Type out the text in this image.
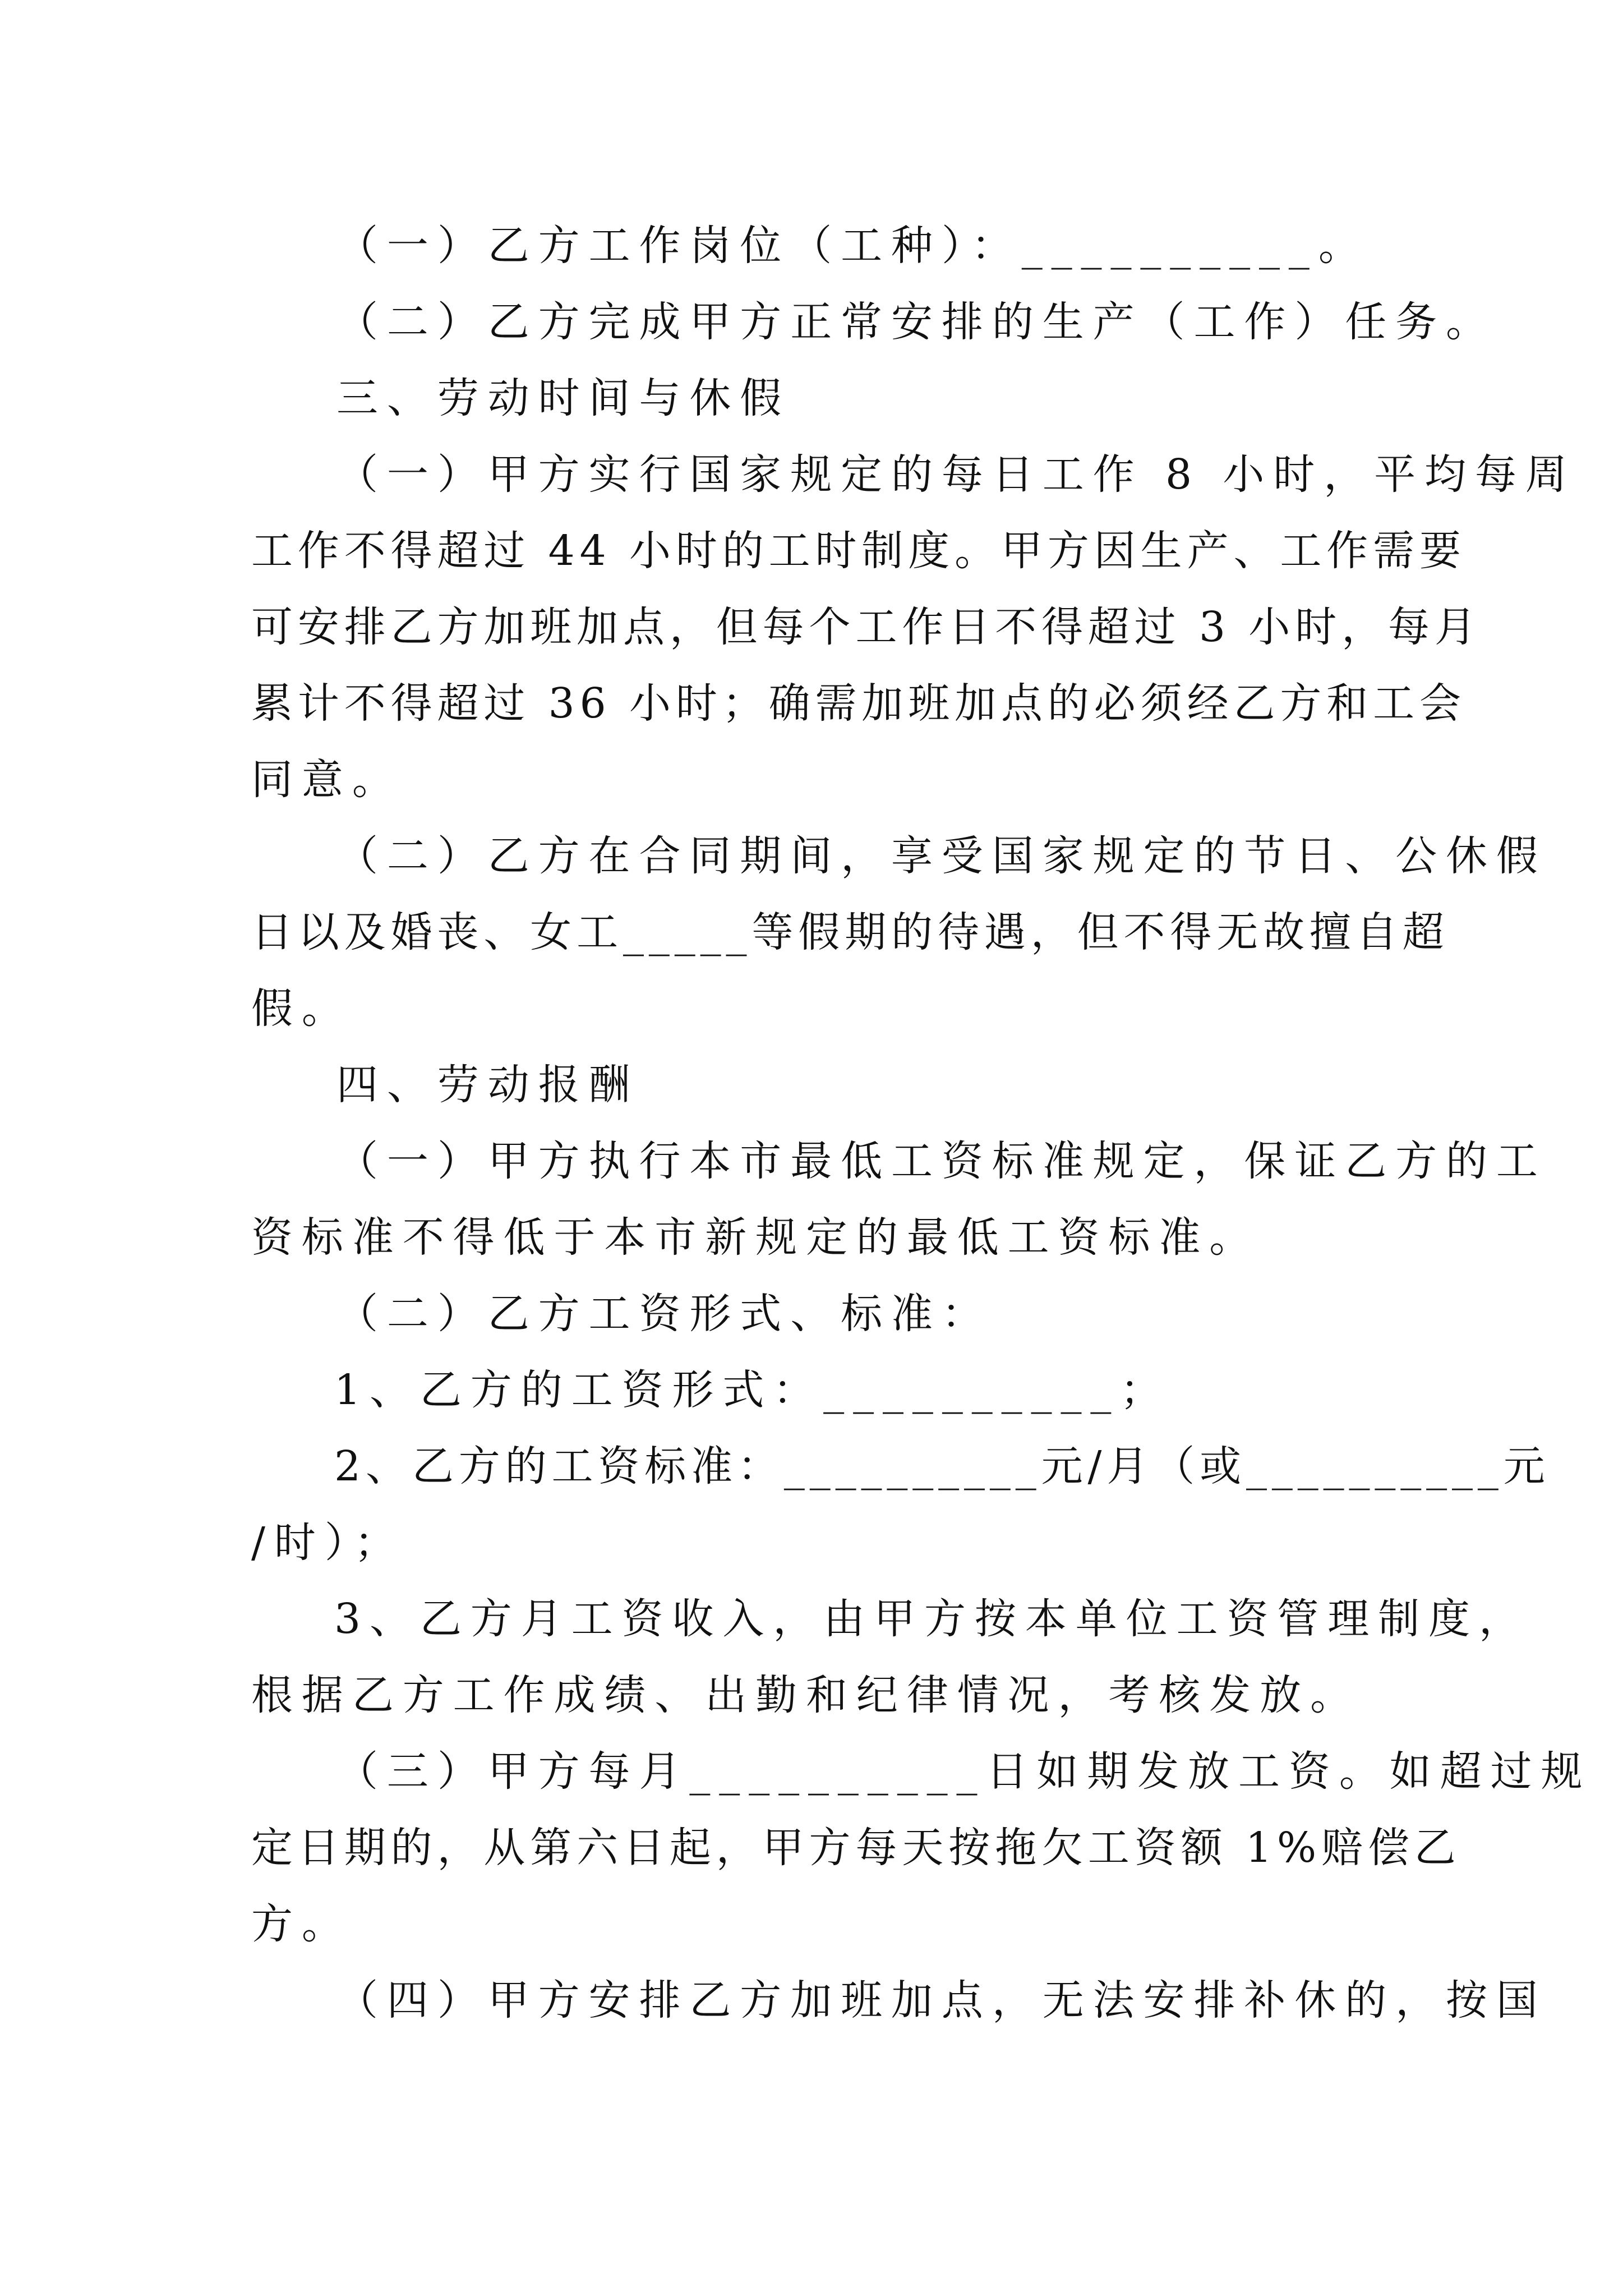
（一）乙方工作岗位（工种）：__________。
（二）乙方完成甲方正常安排的生产（工作）任务。
三、劳动时间与休假
（一）甲方实行国家规定的每日工作 8 小时，平均每周
工作不得超过 44 小时的工时制度。甲方因生产、工作需要
可安排乙方加班加点，但每个工作日不得超过 3 小时，每月
累计不得超过 36 小时；确需加班加点的必须经乙方和工会
同意。
（二）乙方在合同期间，享受国家规定的节日、公休假
日以及婚丧、女工_____等假期的待遇，但不得无故擅自超
假。
四、劳动报酬
（一）甲方执行本市最低工资标准规定，保证乙方的工
资标准不得低于本市新规定的最低工资标准。
（二）乙方工资形式、标准：
1、乙方的工资形式：__________；
2、乙方的工资标准：__________元/月（或__________元
/时）；
3、乙方月工资收入，由甲方按本单位工资管理制度，
根据乙方工作成绩、出勤和纪律情况，考核发放。
（三）甲方每月__________日如期发放工资。如超过规
定日期的，从第六日起，甲方每天按拖欠工资额 1%赔偿乙
方。
（四）甲方安排乙方加班加点，无法安排补休的，按国
